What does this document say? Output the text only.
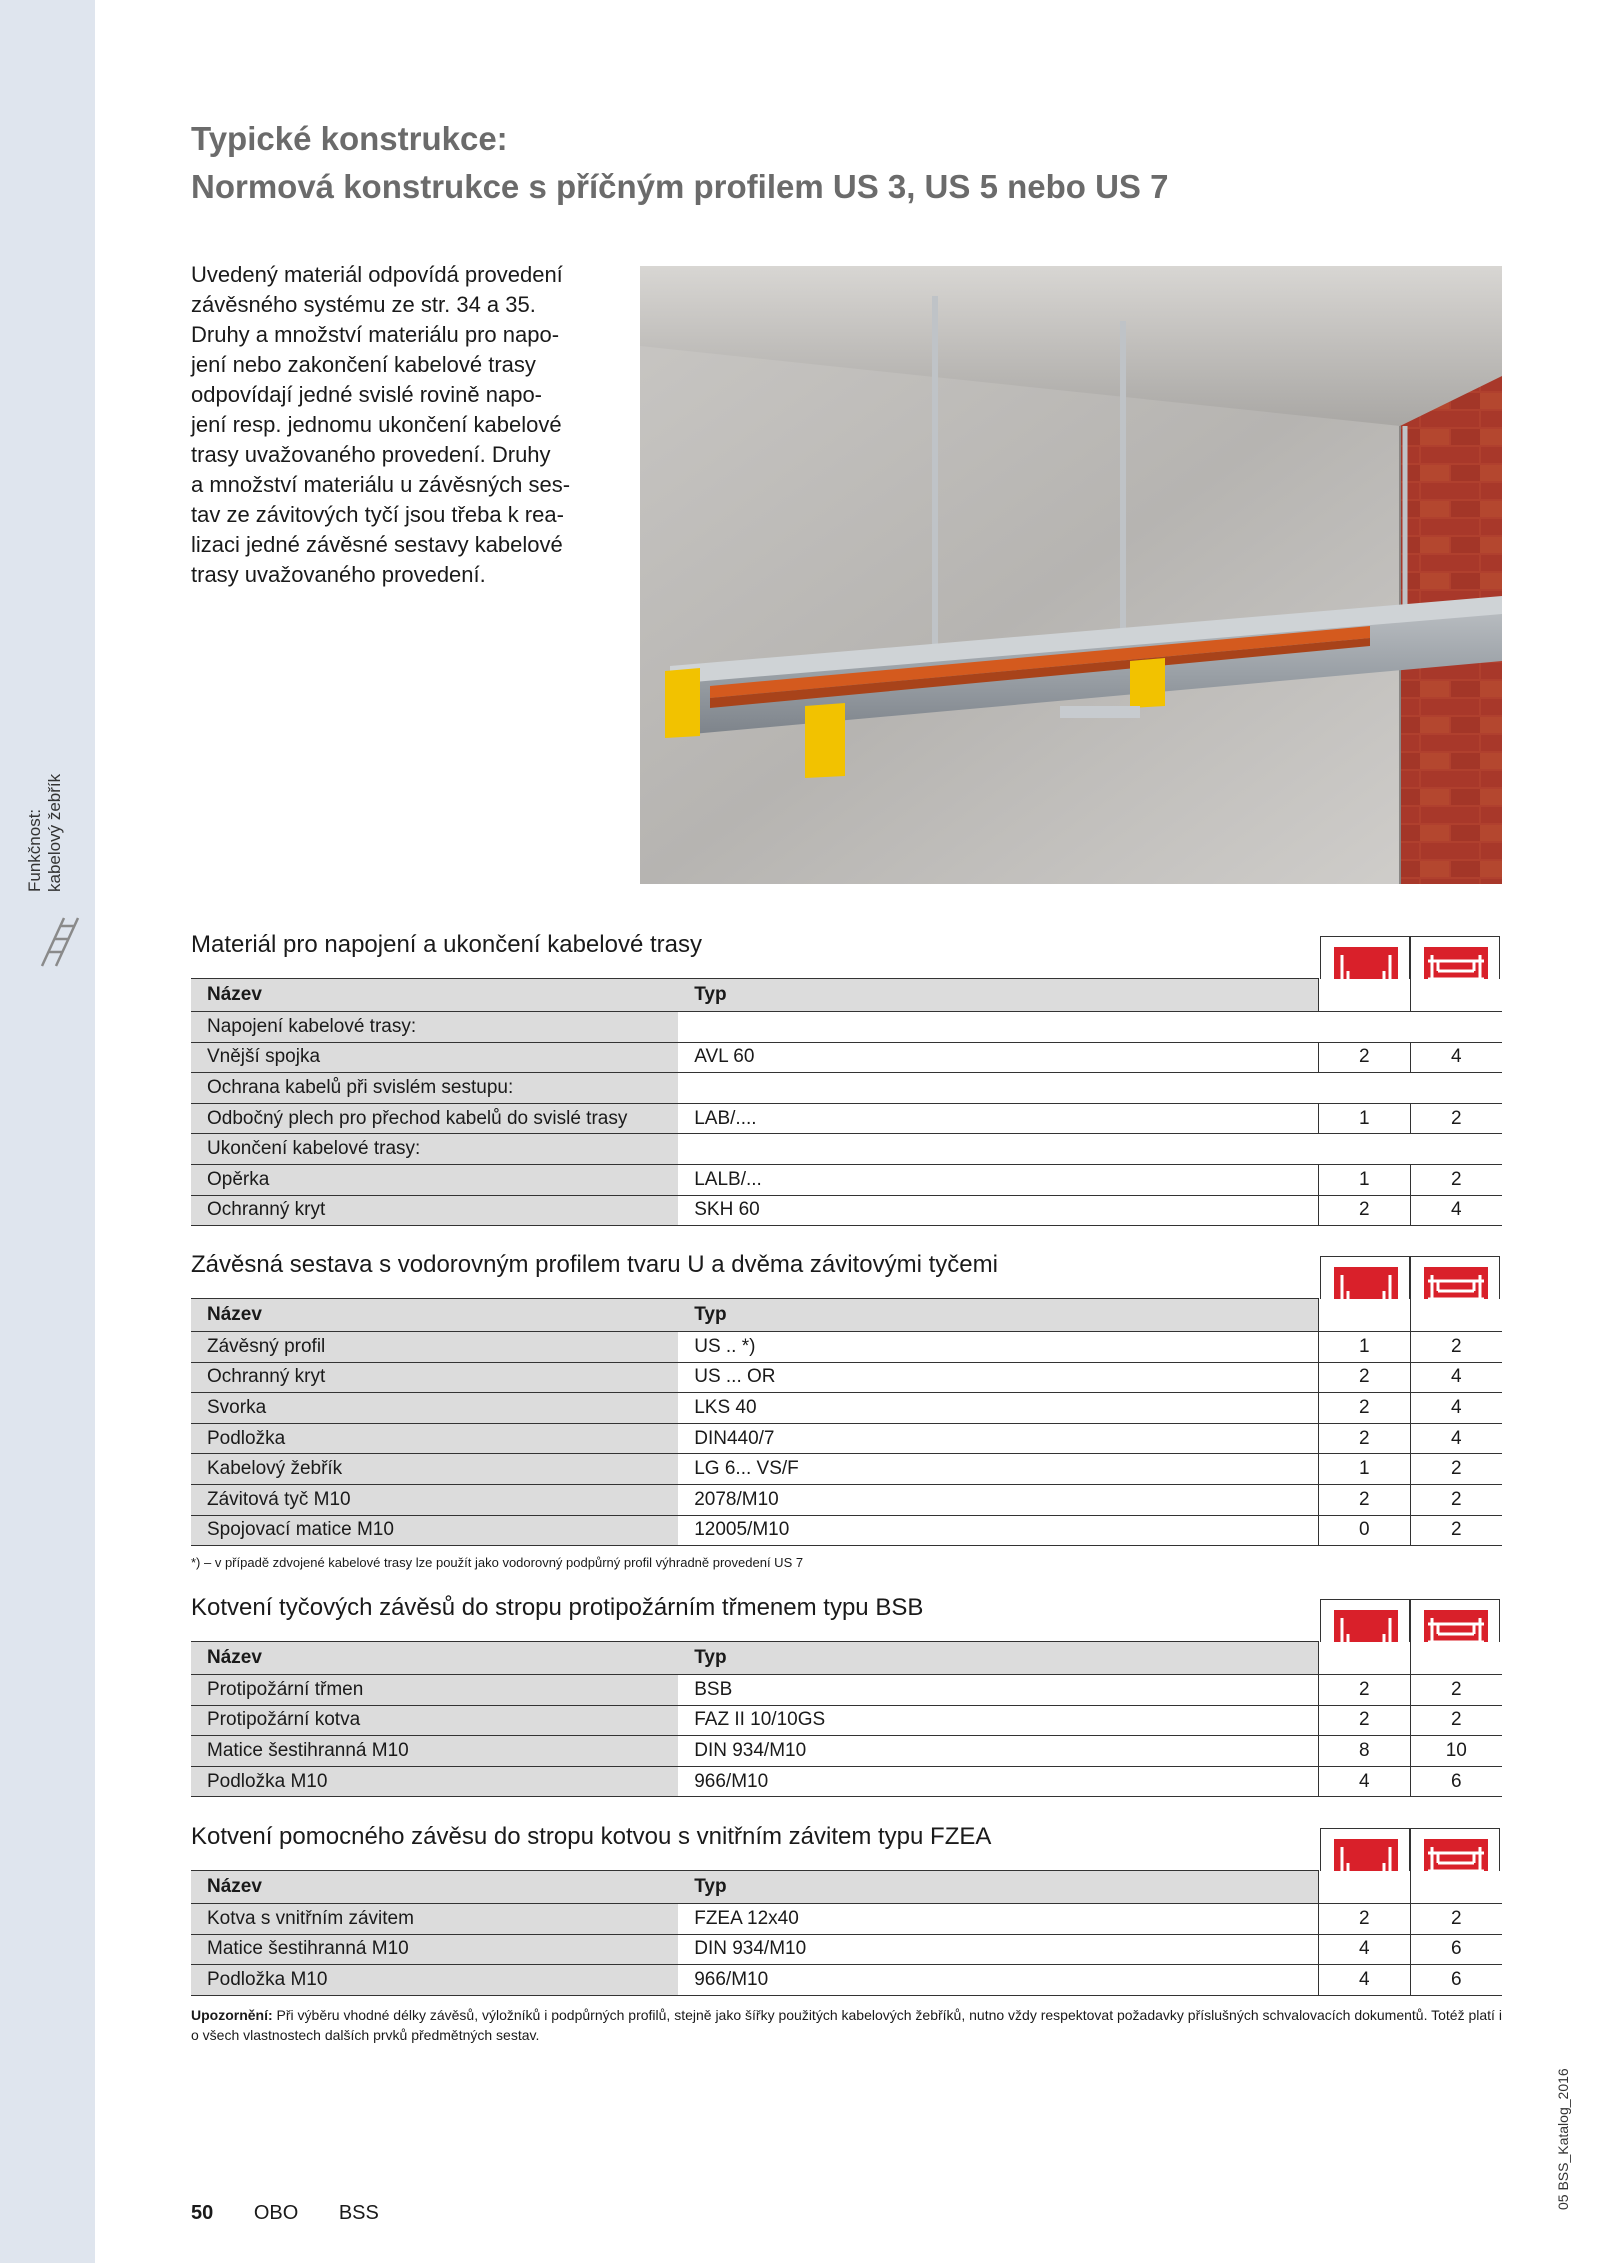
Funkčnost: kabelový žebřík
Typické konstrukce:
Normová konstrukce s příčným profilem US 3, US 5 nebo US 7
Uvedený materiál odpovídá provedení
závěsného systému ze str. 34 a 35.
Druhy a množství materiálu pro napo-
jení nebo zakončení kabelové trasy
odpovídají jedné svislé rovině napo-
jení resp. jednomu ukončení kabelové
trasy uvažovaného provedení. Druhy
a množství materiálu u závěsných ses-
tav ze závitových tyčí jsou třeba k rea-
lizaci jedné závěsné sestavy kabelové
trasy uvažovaného provedení.
Materiál pro napojení a ukončení kabelové trasy
Název	Typ		
Napojení kabelové trasy:			
Vnější spojka	AVL 60	2	4
Ochrana kabelů při svislém sestupu:			
Odbočný plech pro přechod kabelů do svislé trasy	LAB/....	1	2
Ukončení kabelové trasy:			
Opěrka	LALB/...	1	2
Ochranný kryt	SKH 60	2	4
Závěsná sestava s vodorovným profilem tvaru U a dvěma závitovými tyčemi
Název	Typ		
Závěsný profil	US .. *)	1	2
Ochranný kryt	US ... OR	2	4
Svorka	LKS 40	2	4
Podložka	DIN440/7	2	4
Kabelový žebřík	LG 6... VS/F	1	2
Závitová tyč M10	2078/M10	2	2
Spojovací matice M10	12005/M10	0	2
Kotvení tyčových závěsů do stropu protipožárním třmenem typu BSB
Název	Typ		
Protipožární třmen	BSB	2	2
Protipožární kotva	FAZ II 10/10GS	2	2
Matice šestihranná M10	DIN 934/M10	8	10
Podložka M10	966/M10	4	6
Kotvení pomocného závěsu do stropu kotvou s vnitřním závitem typu FZEA
Název	Typ		
Kotva s vnitřním závitem	FZEA 12x40	2	2
Matice šestihranná M10	DIN 934/M10	4	6
Podložka M10	966/M10	4	6
*) – v případě zdvojené kabelové trasy lze použít jako vodorovný podpůrný profil výhradně provedení US 7
Upozornění: Při výběru vhodné délky závěsů, výložníků i podpůrných profilů, stejně jako šířky použitých kabelových žebříků, nutno vždy respektovat požadavky příslušných schvalovacích dokumentů. Totéž platí i o všech vlastnostech dalších prvků předmětných sestav.
50 OBO BSS
05 BSS_Katalog_2016
